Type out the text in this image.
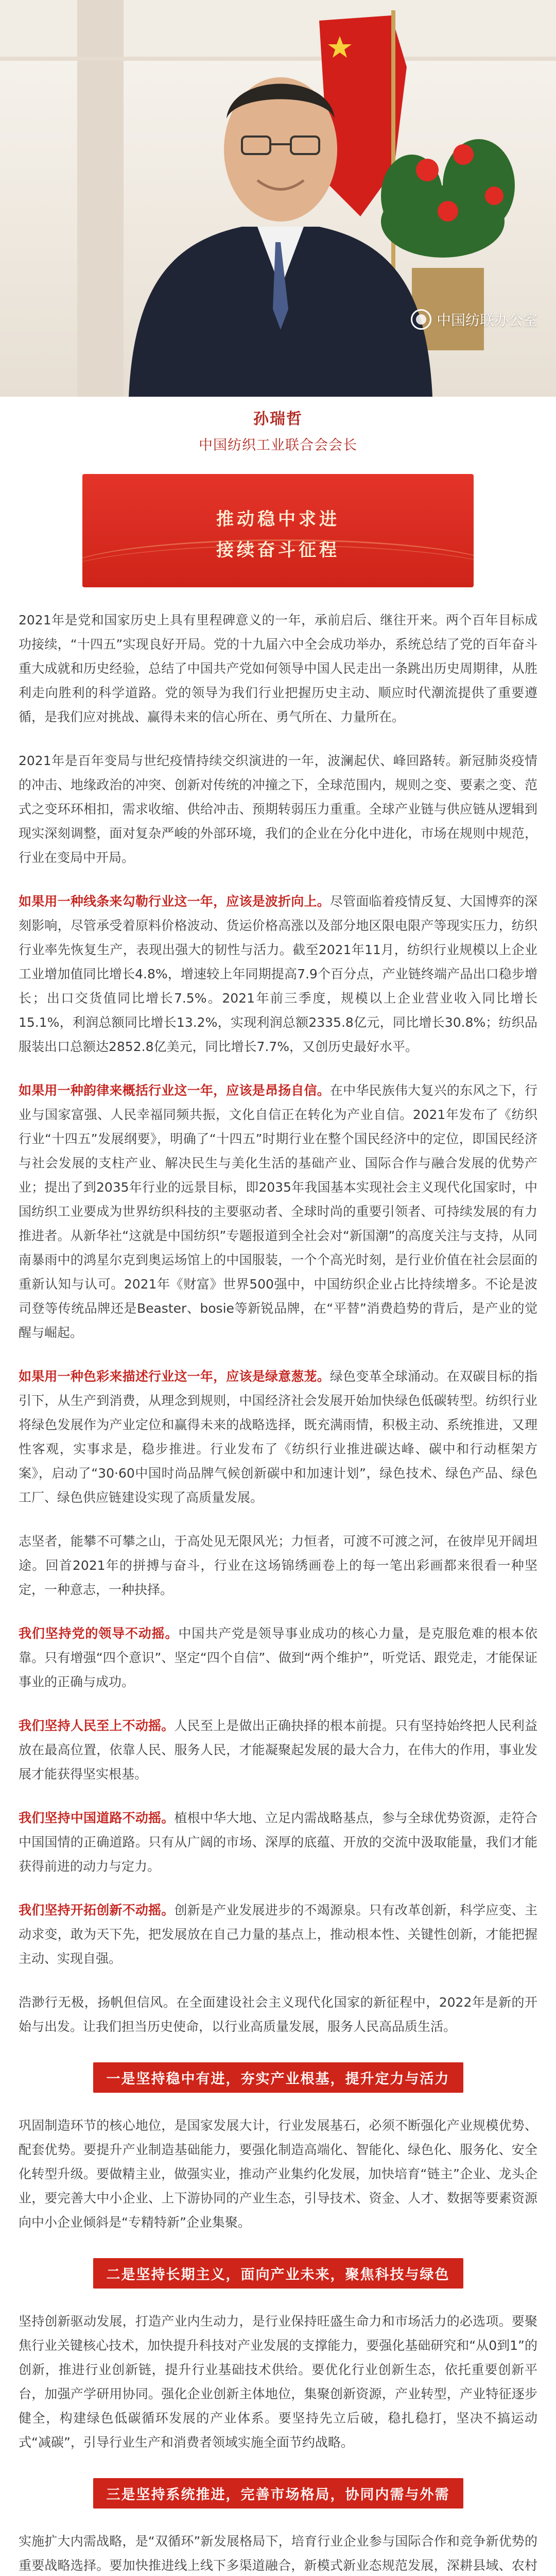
中国纺联办公室
孙瑞哲
中国纺织工业联合会会长
推动稳中求进
接续奋斗征程

2021年是党和国家历史上具有里程碑意义的一年，承前启后、继往开来。两个百年目标成功接续，“十四五”实现良好开局。党的十九届六中全会成功举办，系统总结了党的百年奋斗重大成就和历史经验，总结了中国共产党如何领导中国人民走出一条跳出历史周期律，从胜利走向胜利的科学道路。党的领导为我们行业把握历史主动、顺应时代潮流提供了重要遵循，是我们应对挑战、赢得未来的信心所在、勇气所在、力量所在。

2021年是百年变局与世纪疫情持续交织演进的一年，波澜起伏、峰回路转。新冠肺炎疫情的冲击、地缘政治的冲突、创新对传统的冲撞之下，全球范围内，规则之变、要素之变、范式之变环环相扣，需求收缩、供给冲击、预期转弱压力重重。全球产业链与供应链从逻辑到现实深刻调整，面对复杂严峻的外部环境，我们的企业在分化中进化，市场在规则中规范，行业在变局中开局。

如果用一种线条来勾勒行业这一年，应该是波折向上。尽管面临着疫情反复、大国博弈的深刻影响，尽管承受着原料价格波动、货运价格高涨以及部分地区限电限产等现实压力，纺织行业率先恢复生产，表现出强大的韧性与活力。截至2021年11月，纺织行业规模以上企业工业增加值同比增长4.8%，增速较上年同期提高7.9个百分点，产业链终端产品出口稳步增长；出口交货值同比增长7.5%。2021年前三季度，规模以上企业营业收入同比增长15.1%，利润总额同比增长13.2%，实现利润总额2335.8亿元，同比增长30.8%；纺织品服装出口总额达2852.8亿美元，同比增长7.7%，又创历史最好水平。

如果用一种韵律来概括行业这一年，应该是昂扬自信。在中华民族伟大复兴的东风之下，行业与国家富强、人民幸福同频共振，文化自信正在转化为产业自信。2021年发布了《纺织行业“十四五”发展纲要》，明确了“十四五”时期行业在整个国民经济中的定位，即国民经济与社会发展的支柱产业、解决民生与美化生活的基础产业、国际合作与融合发展的优势产业；提出了到2035年行业的远景目标，即2035年我国基本实现社会主义现代化国家时，中国纺织工业要成为世界纺织科技的主要驱动者、全球时尚的重要引领者、可持续发展的有力推进者。从新华社“这就是中国纺织”专题报道到全社会对“新国潮”的高度关注与支持，从同南暴雨中的鸿星尔克到奥运场馆上的中国服装，一个个高光时刻，是行业价值在社会层面的重新认知与认可。2021年《财富》世界500强中，中国纺织企业占比持续增多。不论是波司登等传统品牌还是Beaster、bosie等新锐品牌，在“平替”消费趋势的背后，是产业的觉醒与崛起。

如果用一种色彩来描述行业这一年，应该是绿意葱茏。绿色变革全球涌动。在双碳目标的指引下，从生产到消费，从理念到规则，中国经济社会发展开始加快绿色低碳转型。纺织行业将绿色发展作为产业定位和赢得未来的战略选择，既充满雨情，积极主动、系统推进，又理性客观，实事求是，稳步推进。行业发布了《纺织行业推进碳达峰、碳中和行动框架方案》，启动了“30·60中国时尚品牌气候创新碳中和加速计划”，绿色技术、绿色产品、绿色工厂、绿色供应链建设实现了高质量发展。

志坚者，能攀不可攀之山，于高处见无限风光；力恒者，可渡不可渡之河，在彼岸见开阔坦途。回首2021年的拼搏与奋斗，行业在这场锦绣画卷上的每一笔出彩画都来很看一种坚定，一种意志，一种抉择。

我们坚持党的领导不动摇。中国共产党是领导事业成功的核心力量，是克服危难的根本依靠。只有增强“四个意识”、坚定“四个自信”、做到“两个维护”，听党话、跟党走，才能保证事业的正确与成功。

我们坚持人民至上不动摇。人民至上是做出正确抉择的根本前提。只有坚持始终把人民利益放在最高位置，依靠人民、服务人民，才能凝聚起发展的最大合力，在伟大的作用，事业发展才能获得坚实根基。

我们坚持中国道路不动摇。植根中华大地、立足内需战略基点，参与全球优势资源，走符合中国国情的正确道路。只有从广阔的市场、深厚的底蕴、开放的交流中汲取能量，我们才能获得前进的动力与定力。

我们坚持开拓创新不动摇。创新是产业发展进步的不竭源泉。只有改革创新，科学应变、主动求变，敢为天下先，把发展放在自己力量的基点上，推动根本性、关键性创新，才能把握主动、实现自强。

浩渺行无极，扬帆但信风。在全面建设社会主义现代化国家的新征程中，2022年是新的开始与出发。让我们担当历史使命，以行业高质量发展，服务人民高品质生活。

一是坚持稳中有进，夯实产业根基，提升定力与活力

巩固制造环节的核心地位，是国家发展大计，行业发展基石，必须不断强化产业规模优势、配套优势。要提升产业制造基础能力，要强化制造高端化、智能化、绿色化、服务化、安全化转型升级。要做精主业，做强实业，推动产业集约化发展，加快培育“链主”企业、龙头企业，要完善大中小企业、上下游协同的产业生态，引导技术、资金、人才、数据等要素资源向中小企业倾斜是“专精特新”企业集聚。

二是坚持长期主义，面向产业未来，聚焦科技与绿色

坚持创新驱动发展，打造产业内生动力，是行业保持旺盛生命力和市场活力的必选项。要聚焦行业关键核心技术，加快提升科技对产业发展的支撑能力，要强化基础研究和“从0到1”的创新，推进行业创新链，提升行业基础技术供给。要优化行业创新生态，依托重要创新平台，加强产学研用协同。强化企业创新主体地位，集聚创新资源，产业转型，产业特征逐步健全，构建绿色低碳循环发展的产业体系。要坚持先立后破，稳扎稳打，坚决不搞运动式“减碳”，引导行业生产和消费者领域实施全面节约战略。

三是坚持系统推进，完善市场格局，协同内需与外需

实施扩大内需战略，是“双循环”新发展格局下，培育行业企业参与国际合作和竞争新优势的重要战略选择。要加快推进线上线下多渠道融合，新模式新业态规范发展，深耕县域、农村
